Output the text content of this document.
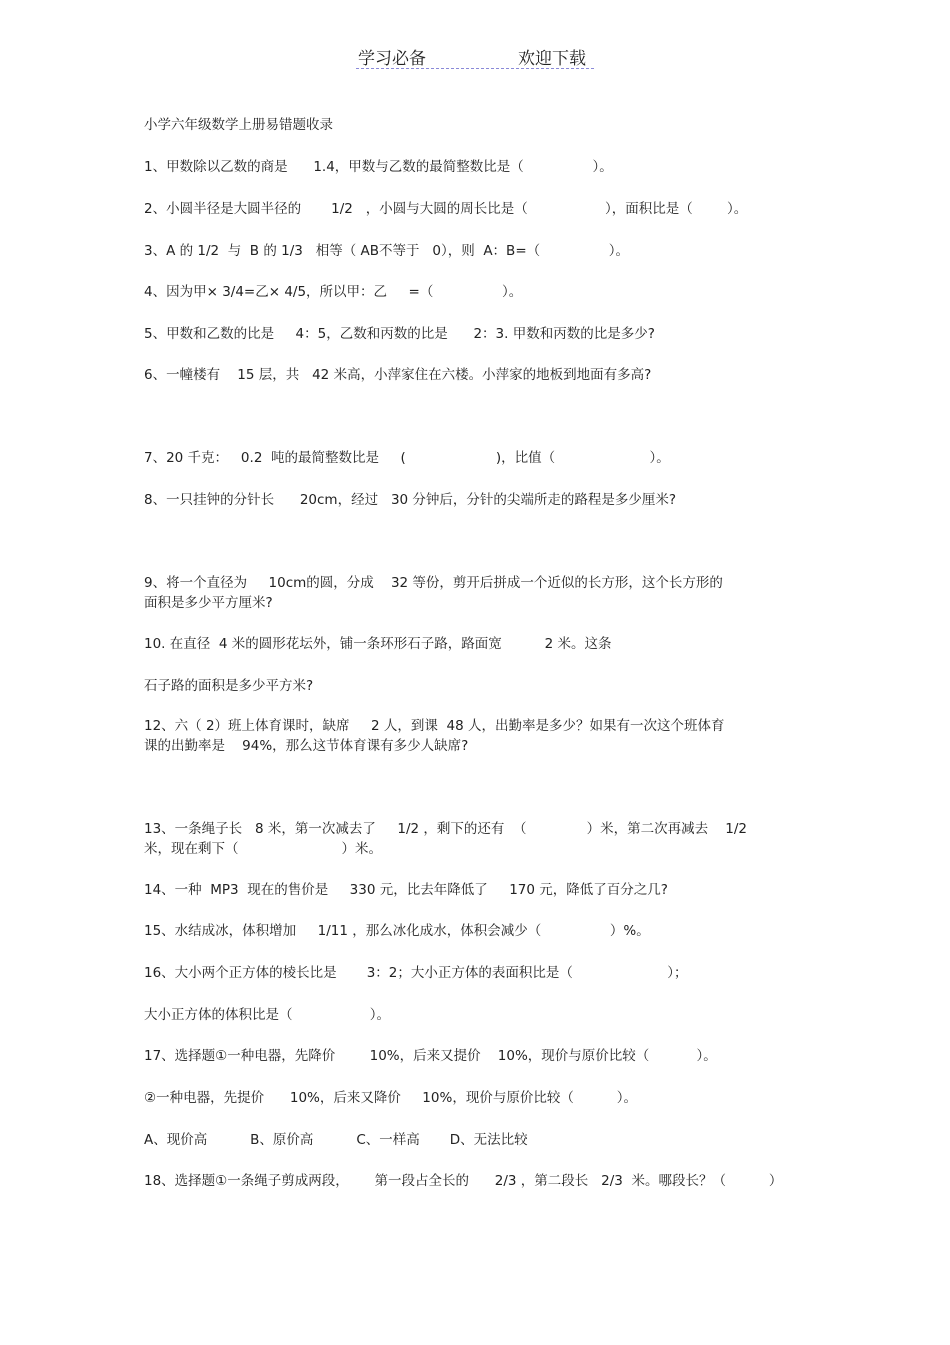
学习必备	欢迎下载
小学六年级数学上册易错题收录
1、甲数除以乙数的商是      1.4，甲数与乙数的最简整数比是（                ）。
2、小圆半径是大圆半径的       1/2   ，小圆与大圆的周长比是（                  ），面积比是（        ）。
3、A 的 1/2  与  B 的 1/3   相等（ AB不等于   0），则  A：B=（                ）。
4、因为甲× 3/4=乙× 4/5，所以甲：乙     =（                ）。
5、甲数和乙数的比是     4：5，乙数和丙数的比是      2：3. 甲数和丙数的比是多少?
6、一幢楼有    15 层，共   42 米高，小萍家住在六楼。小萍家的地板到地面有多高?
7、20 千克：   0.2  吨的最简整数比是     (                     )，比值（                      ）。
8、一只挂钟的分针长      20cm，经过   30 分钟后，分针的尖端所走的路程是多少厘米?
9、将一个直径为     10cm的圆，分成    32 等份，剪开后拼成一个近似的长方形，这个长方形的
面积是多少平方厘米?
10. 在直径  4 米的圆形花坛外，铺一条环形石子路，路面宽          2 米。这条
石子路的面积是多少平方米?
12、六（ 2）班上体育课时，缺席     2 人，到课  48 人，出勤率是多少？如果有一次这个班体育
课的出勤率是    94%，那么这节体育课有多少人缺席?
13、一条绳子长   8 米，第一次减去了     1/2 ，剩下的还有  （              ）米，第二次再减去    1/2
米，现在剩下（                        ）米。
14、一种  MP3  现在的售价是     330 元，比去年降低了     170 元，降低了百分之几?
15、水结成冰，体积增加     1/11 ，那么冰化成水，体积会减少（                ）%。
16、大小两个正方体的棱长比是       3：2；大小正方体的表面积比是（                      ）；
大小正方体的体积比是（                  ）。
17、选择题①一种电器，先降价        10%，后来又提价    10%，现价与原价比较（           ）。
②一种电器，先提价      10%，后来又降价     10%，现价与原价比较（          ）。
A、现价高          B、原价高          C、一样高       D、无法比较
18、选择题①一条绳子剪成两段，      第一段占全长的      2/3 ，第二段长   2/3  米。哪段长？（          ）
